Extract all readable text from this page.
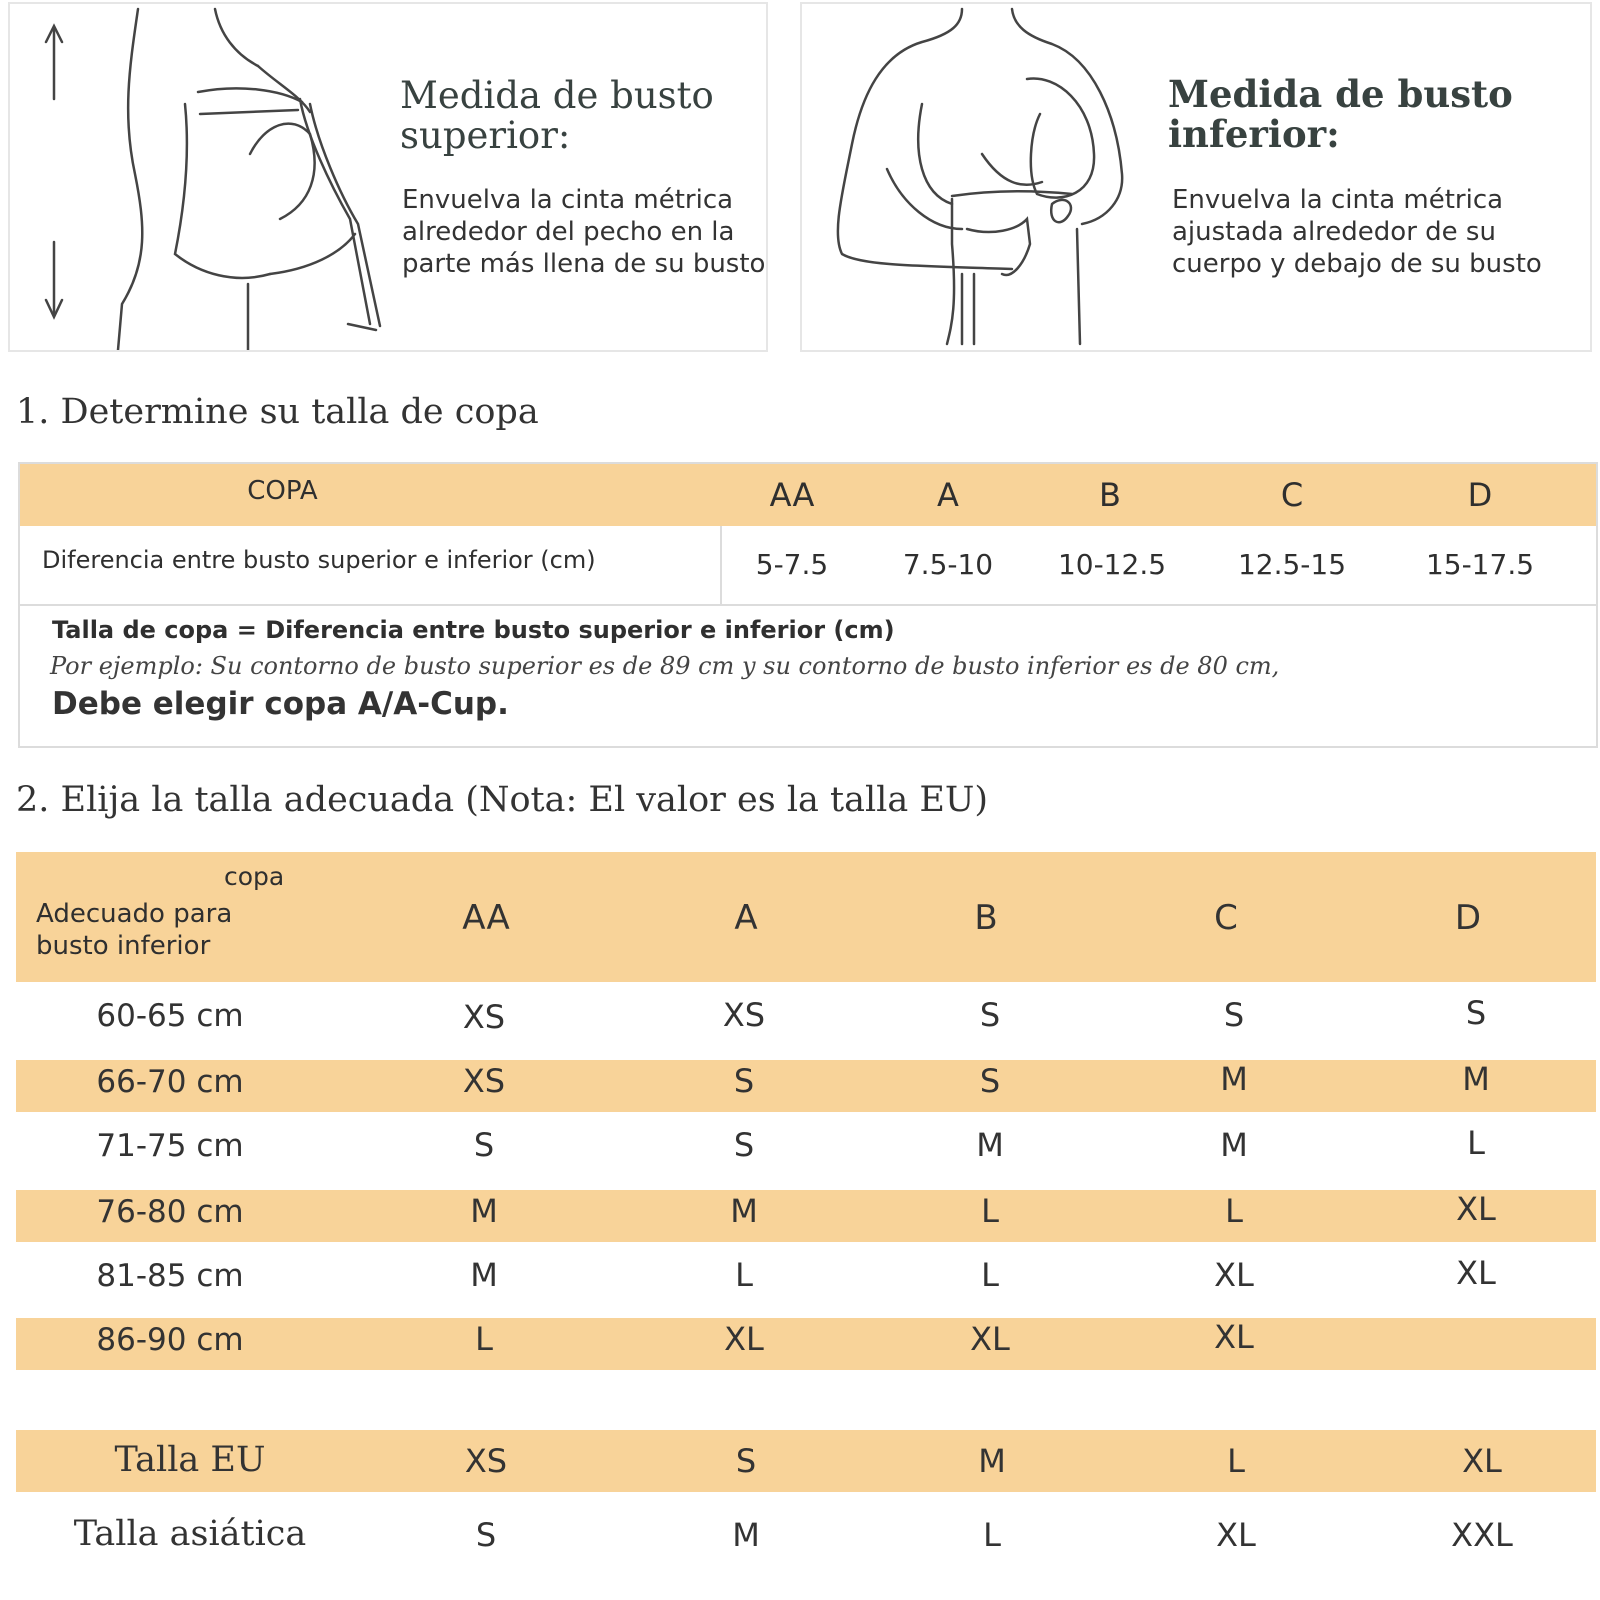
Medida de busto
superior:
Envuelva la cinta métrica
alrededor del pecho en la
parte más llena de su busto
Medida de busto
inferior:
Envuelva la cinta métrica
ajustada alrededor de su
cuerpo y debajo de su busto
1. Determine su talla de copa
COPA	AA	A	B	C	D
Diferencia entre busto superior e inferior (cm)	5-7.5	7.5-10	10-12.5	12.5-15	15-17.5
Talla de copa = Diferencia entre busto superior e inferior (cm)
Por ejemplo: Su contorno de busto superior es de 89 cm y su contorno de busto inferior es de 80 cm,
Debe elegir copa A/A-Cup.
2. Elija la talla adecuada (Nota: El valor es la talla EU)
copa
Adecuado para
busto inferior
AA	A	B	C	D
60-65 cm	XS	XS	S	S	S
66-70 cm	XS	S	S	M	M
71-75 cm	S	S	M	M	L
76-80 cm	M	M	L	L	XL
81-85 cm	M	L	L	XL	XL
86-90 cm	L	XL	XL	XL
Talla EU	XS	S	M	L	XL
Talla asiática	S	M	L	XL	XXL
